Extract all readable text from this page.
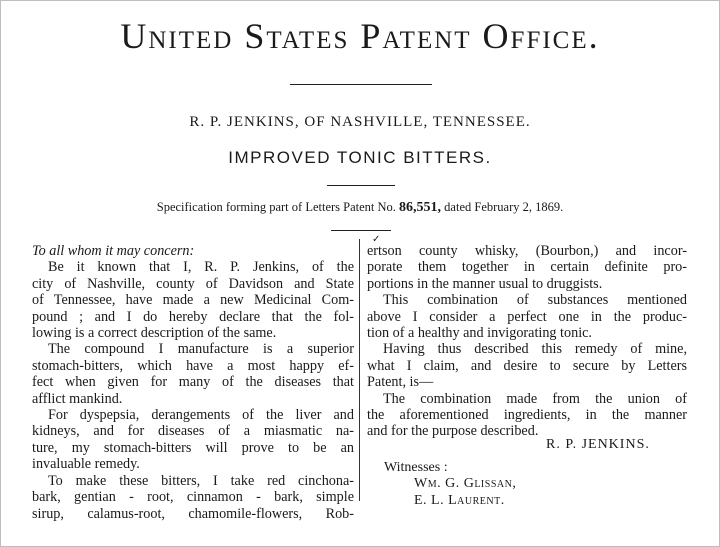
United States Patent Office.
R. P. JENKINS, OF NASHVILLE, TENNESSEE.
IMPROVED TONIC BITTERS.
Specification forming part of Letters Patent No. 86,551, dated February 2, 1869.
✓
To all whom it may concern:
Be it known that I, R. P. Jenkins, of the
city of Nashville, county of Davidson and State
of Tennessee, have made a new Medicinal Com-
pound ; and I do hereby declare that the fol-
lowing is a correct description of the same.
The compound I manufacture is a superior
stomach-bitters, which have a most happy ef-
fect when given for many of the diseases that
afflict mankind.
For dyspepsia, derangements of the liver and
kidneys, and for diseases of a miasmatic na-
ture, my stomach-bitters will prove to be an
invaluable remedy.
To make these bitters, I take red cinchona-
bark, gentian - root, cinnamon - bark, simple
sirup, calamus-root, chamomile-flowers, Rob-
ertson county whisky, (Bourbon,) and incor-
porate them together in certain definite pro-
portions in the manner usual to druggists.
This combination of substances mentioned
above I consider a perfect one in the produc-
tion of a healthy and invigorating tonic.
Having thus described this remedy of mine,
what I claim, and desire to secure by Letters
Patent, is—
The combination made from the union of
the aforementioned ingredients, in the manner
and for the purpose described.
R. P. JENKINS.
Witnesses :
Wm. G. Glissan,
E. L. Laurent.
